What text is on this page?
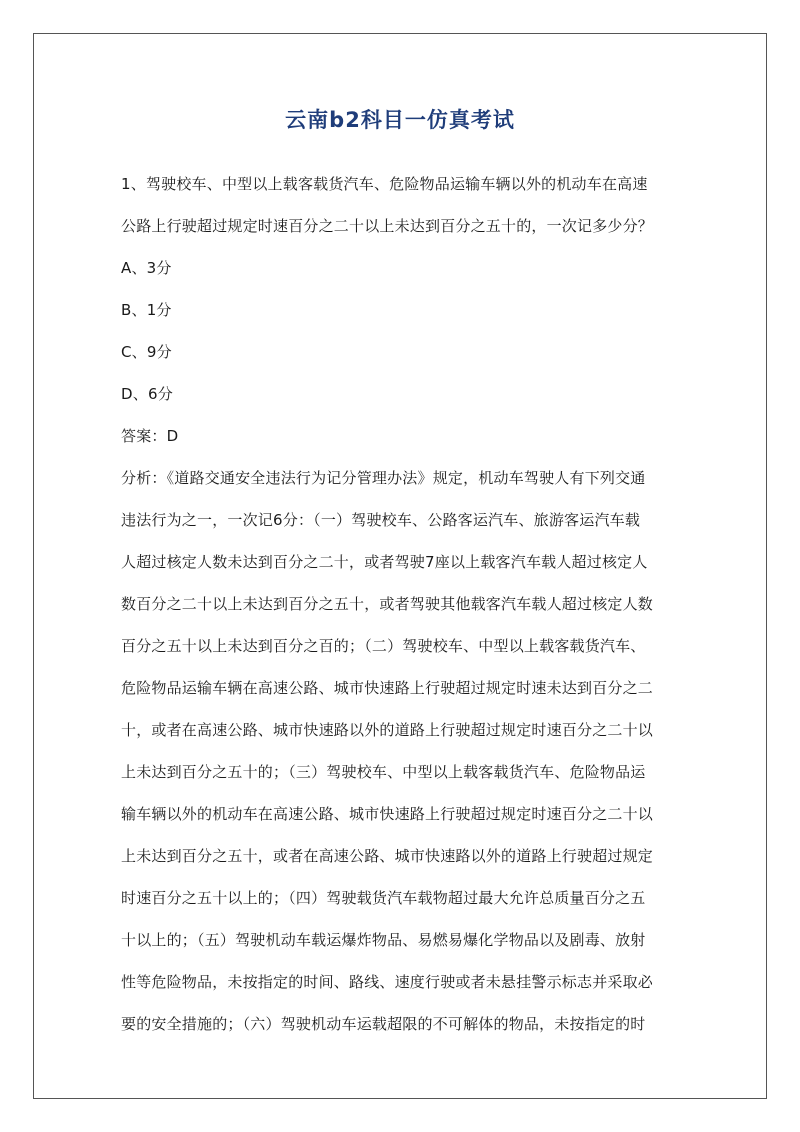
云南b2科目一仿真考试
1、驾驶校车、中型以上载客载货汽车、危险物品运输车辆以外的机动车在高速
公路上行驶超过规定时速百分之二十以上未达到百分之五十的，一次记多少分？
A、3分
B、1分
C、9分
D、6分
答案：D
分析：《道路交通安全违法行为记分管理办法》规定，机动车驾驶人有下列交通
违法行为之一，一次记6分：（一）驾驶校车、公路客运汽车、旅游客运汽车载
人超过核定人数未达到百分之二十，或者驾驶7座以上载客汽车载人超过核定人
数百分之二十以上未达到百分之五十，或者驾驶其他载客汽车载人超过核定人数
百分之五十以上未达到百分之百的；（二）驾驶校车、中型以上载客载货汽车、
危险物品运输车辆在高速公路、城市快速路上行驶超过规定时速未达到百分之二
十，或者在高速公路、城市快速路以外的道路上行驶超过规定时速百分之二十以
上未达到百分之五十的；（三）驾驶校车、中型以上载客载货汽车、危险物品运
输车辆以外的机动车在高速公路、城市快速路上行驶超过规定时速百分之二十以
上未达到百分之五十，或者在高速公路、城市快速路以外的道路上行驶超过规定
时速百分之五十以上的；（四）驾驶载货汽车载物超过最大允许总质量百分之五
十以上的；（五）驾驶机动车载运爆炸物品、易燃易爆化学物品以及剧毒、放射
性等危险物品，未按指定的时间、路线、速度行驶或者未悬挂警示标志并采取必
要的安全措施的；（六）驾驶机动车运载超限的不可解体的物品，未按指定的时
